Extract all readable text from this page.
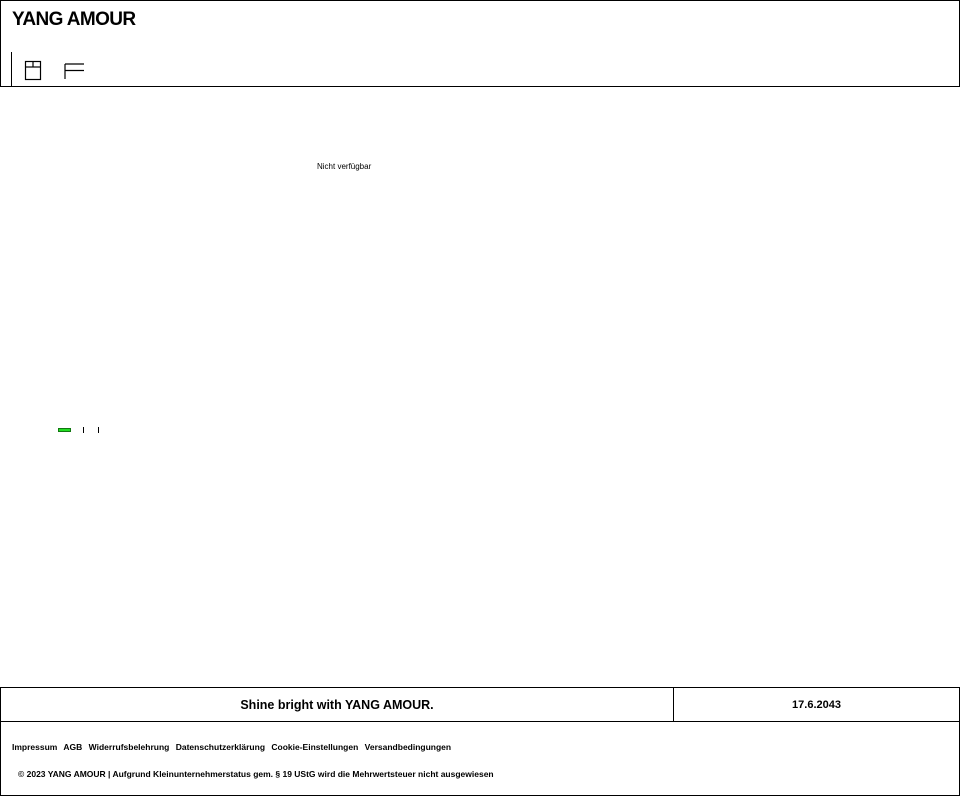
YANG AMOUR
Nicht verfügbar
Shine bright with YANG AMOUR.	17.6.2043
Impressum AGB Widerrufsbelehrung Datenschutzerklärung Cookie-Einstellungen Versandbedingungen
© 2023 YANG AMOUR | Aufgrund Kleinunternehmerstatus gem. § 19 UStG wird die Mehrwertsteuer nicht ausgewiesen
